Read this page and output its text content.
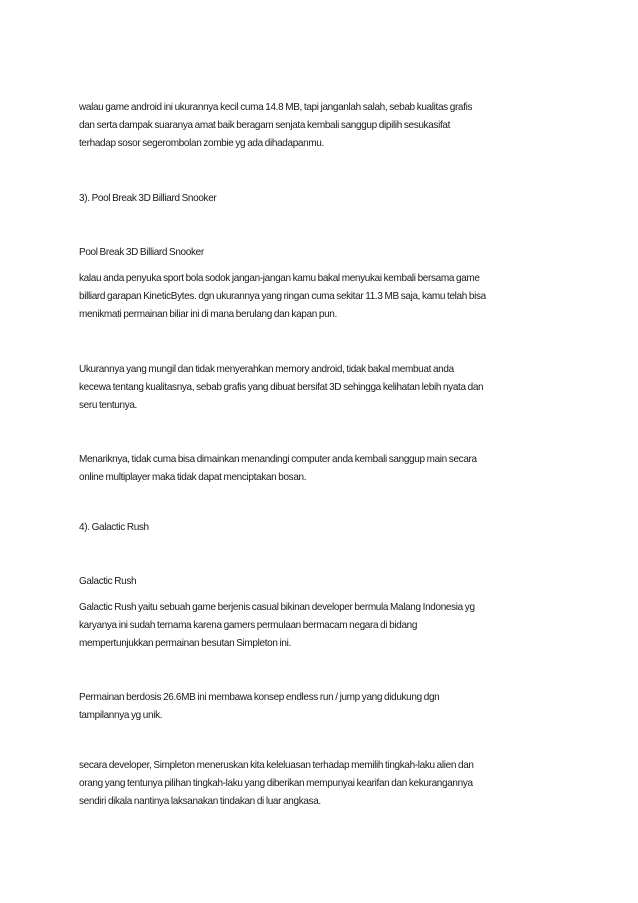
walau game android ini ukurannya kecil cuma 14.8 MB, tapi janganlah salah, sebab kualitas grafis dan serta dampak suaranya amat baik beragam senjata kembali sanggup dipilih sesukasifat terhadap sosor segerombolan zombie yg ada dihadapanmu.
3). Pool Break 3D Billiard Snooker
Pool Break 3D Billiard Snooker
kalau anda penyuka sport bola sodok jangan-jangan kamu bakal menyukai kembali bersama game billiard garapan KineticBytes. dgn ukurannya yang ringan cuma sekitar 11.3 MB saja, kamu telah bisa menikmati permainan biliar ini di mana berulang dan kapan pun.
Ukurannya yang mungil dan tidak menyerahkan memory android, tidak bakal membuat anda kecewa tentang kualitasnya, sebab grafis yang dibuat bersifat 3D sehingga kelihatan lebih nyata dan seru tentunya.
Menariknya, tidak cuma bisa dimainkan menandingi computer anda kembali sanggup main secara online multiplayer maka tidak dapat menciptakan bosan.
4). Galactic Rush
Galactic Rush
Galactic Rush yaitu sebuah game berjenis casual bikinan developer bermula Malang Indonesia yg karyanya ini sudah ternama karena gamers permulaan bermacam negara di bidang mempertunjukkan permainan besutan Simpleton ini.
Permainan berdosis 26.6MB ini membawa konsep endless run / jump yang didukung dgn tampilannya yg unik.
secara developer, Simpleton meneruskan kita keleluasan terhadap memilih tingkah-laku alien dan orang yang tentunya pilihan tingkah-laku yang diberikan mempunyai kearifan dan kekurangannya sendiri dikala nantinya laksanakan tindakan di luar angkasa.
